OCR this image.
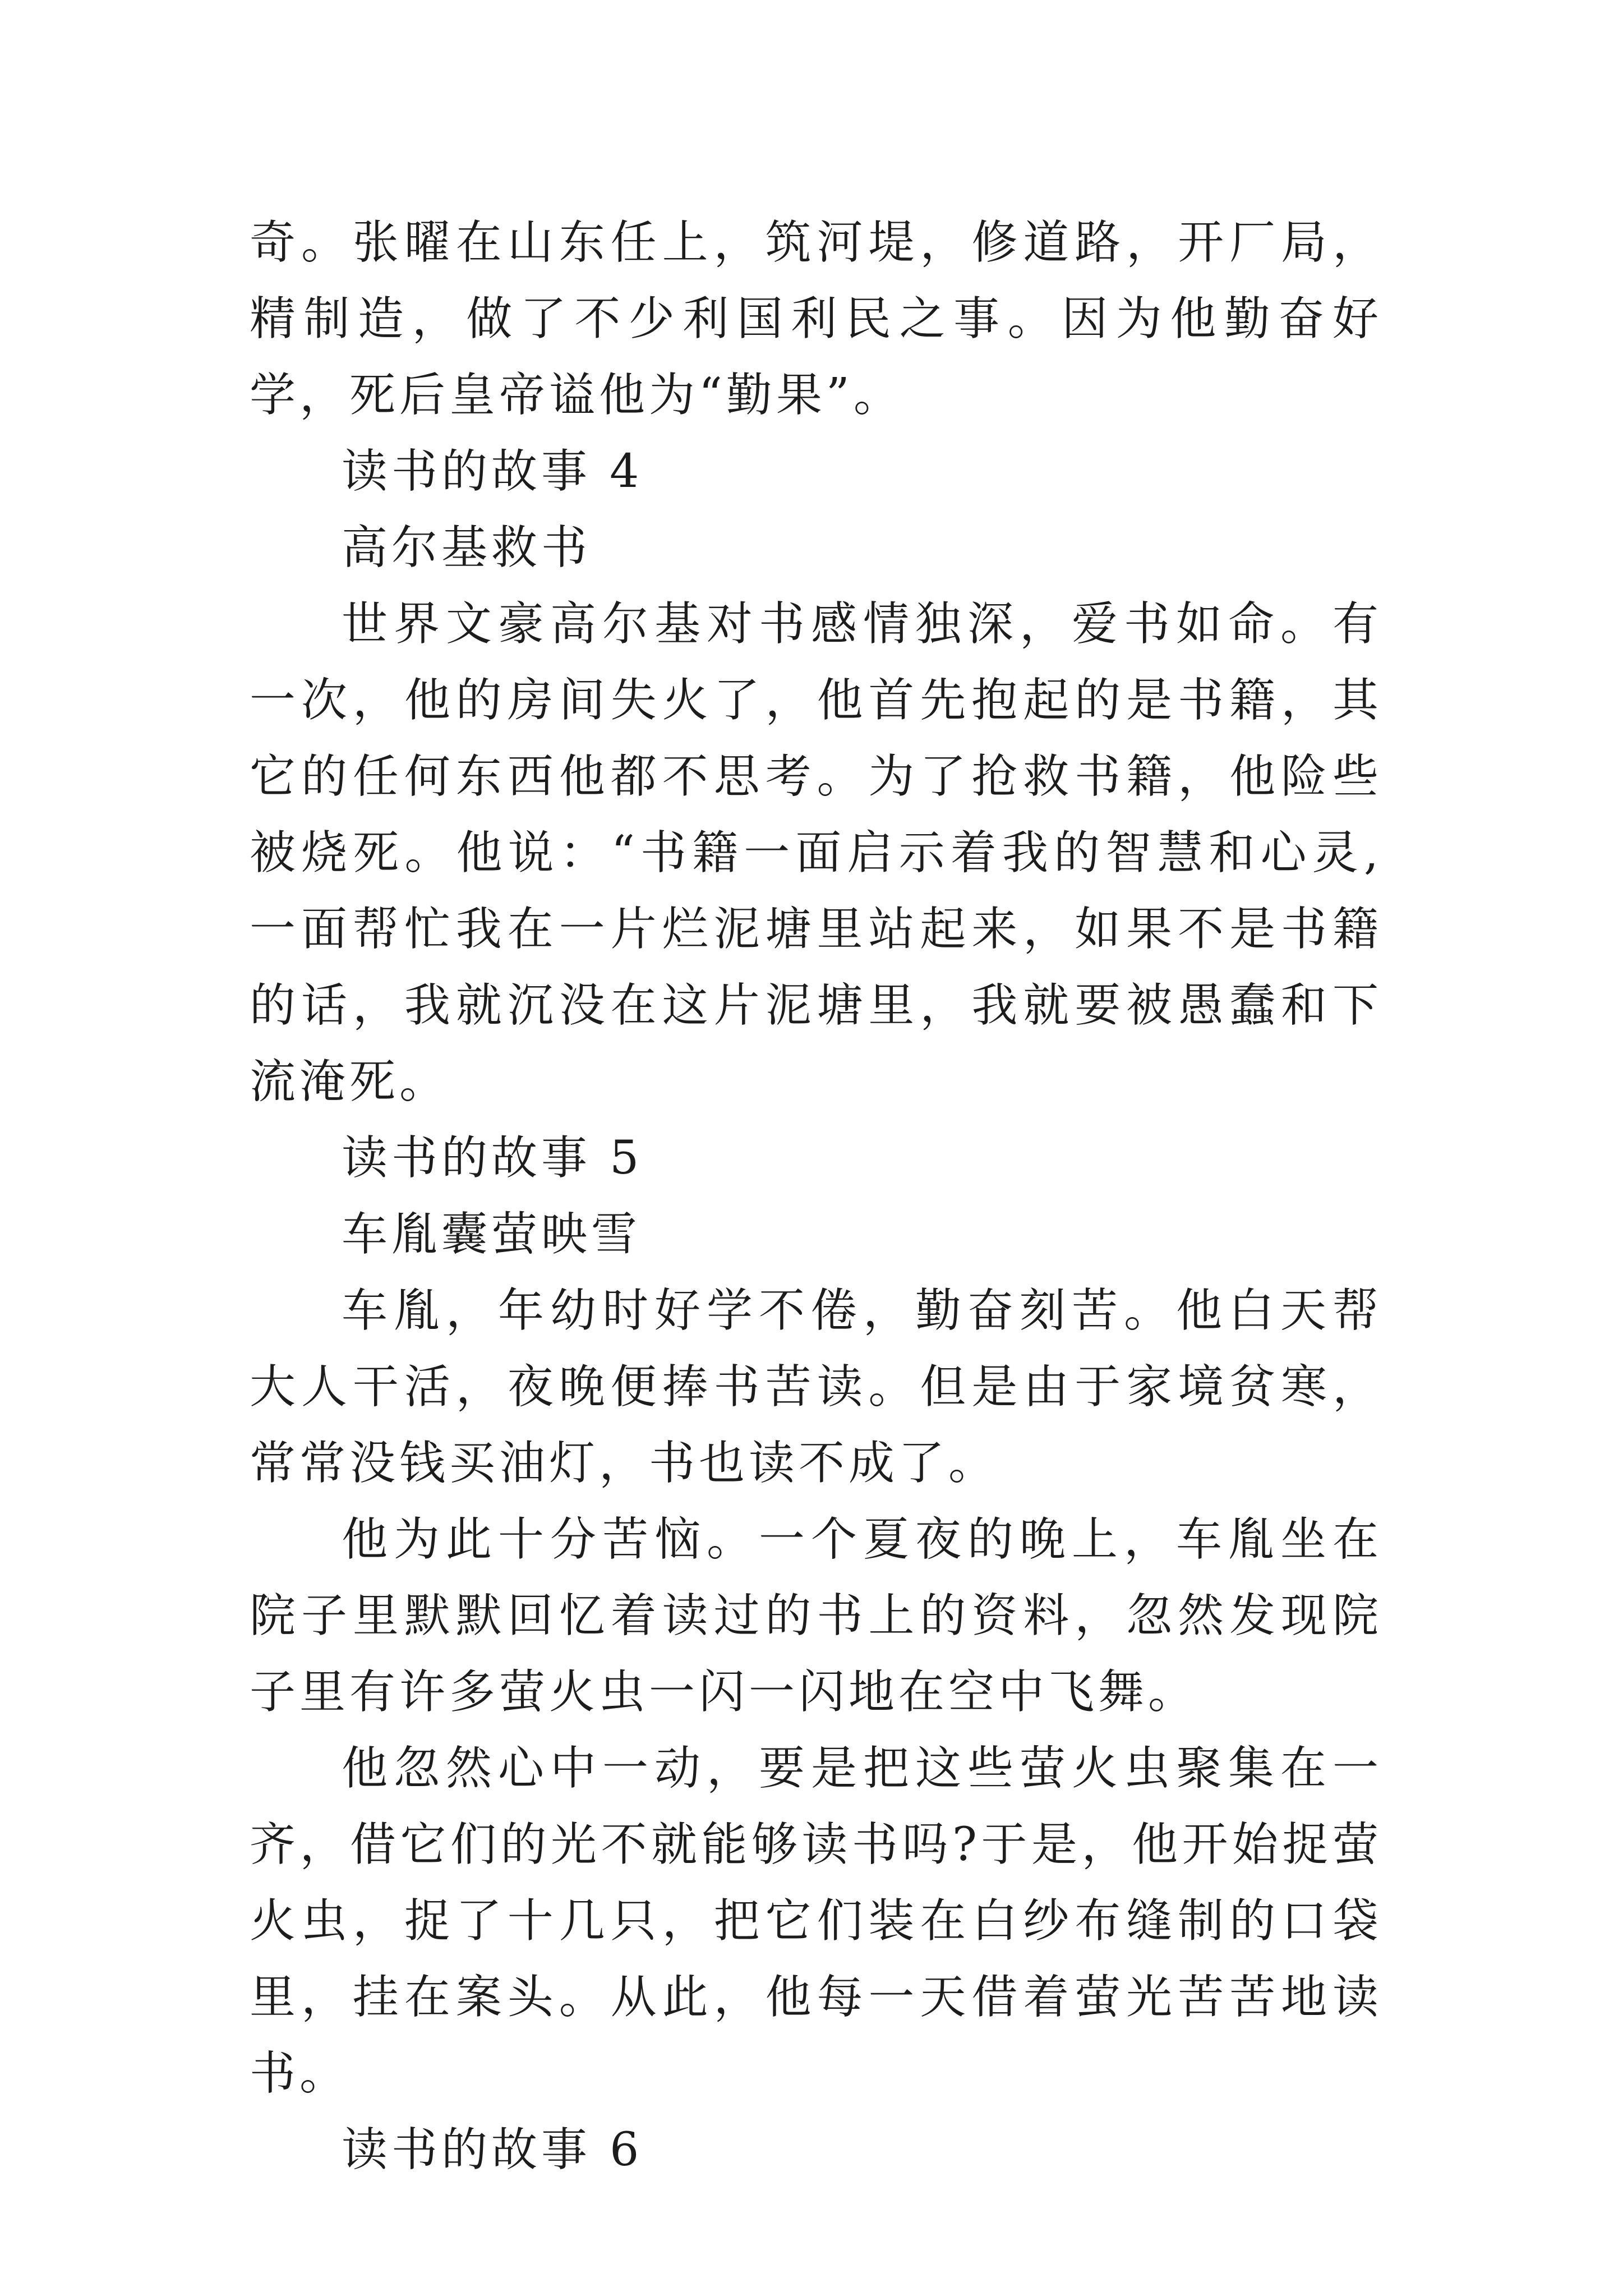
奇。张曜在山东任上，筑河堤，修道路，开厂局，精制造，做了不少利国利民之事。因为他勤奋好学，死后皇帝谥他为“勤果”。

读书的故事 4

高尔基救书

世界文豪高尔基对书感情独深，爱书如命。有一次，他的房间失火了，他首先抱起的是书籍，其它的任何东西他都不思考。为了抢救书籍，他险些被烧死。他说：“书籍一面启示着我的智慧和心灵,一面帮忙我在一片烂泥塘里站起来，如果不是书籍的话，我就沉没在这片泥塘里，我就要被愚蠢和下流淹死。

读书的故事 5

车胤囊萤映雪

车胤，年幼时好学不倦，勤奋刻苦。他白天帮大人干活，夜晚便捧书苦读。但是由于家境贫寒，常常没钱买油灯，书也读不成了。

他为此十分苦恼。一个夏夜的晚上，车胤坐在院子里默默回忆着读过的书上的资料，忽然发现院子里有许多萤火虫一闪一闪地在空中飞舞。

他忽然心中一动，要是把这些萤火虫聚集在一齐，借它们的光不就能够读书吗?于是，他开始捉萤火虫，捉了十几只，把它们装在白纱布缝制的口袋里，挂在案头。从此，他每一天借着萤光苦苦地读书。

读书的故事 6
